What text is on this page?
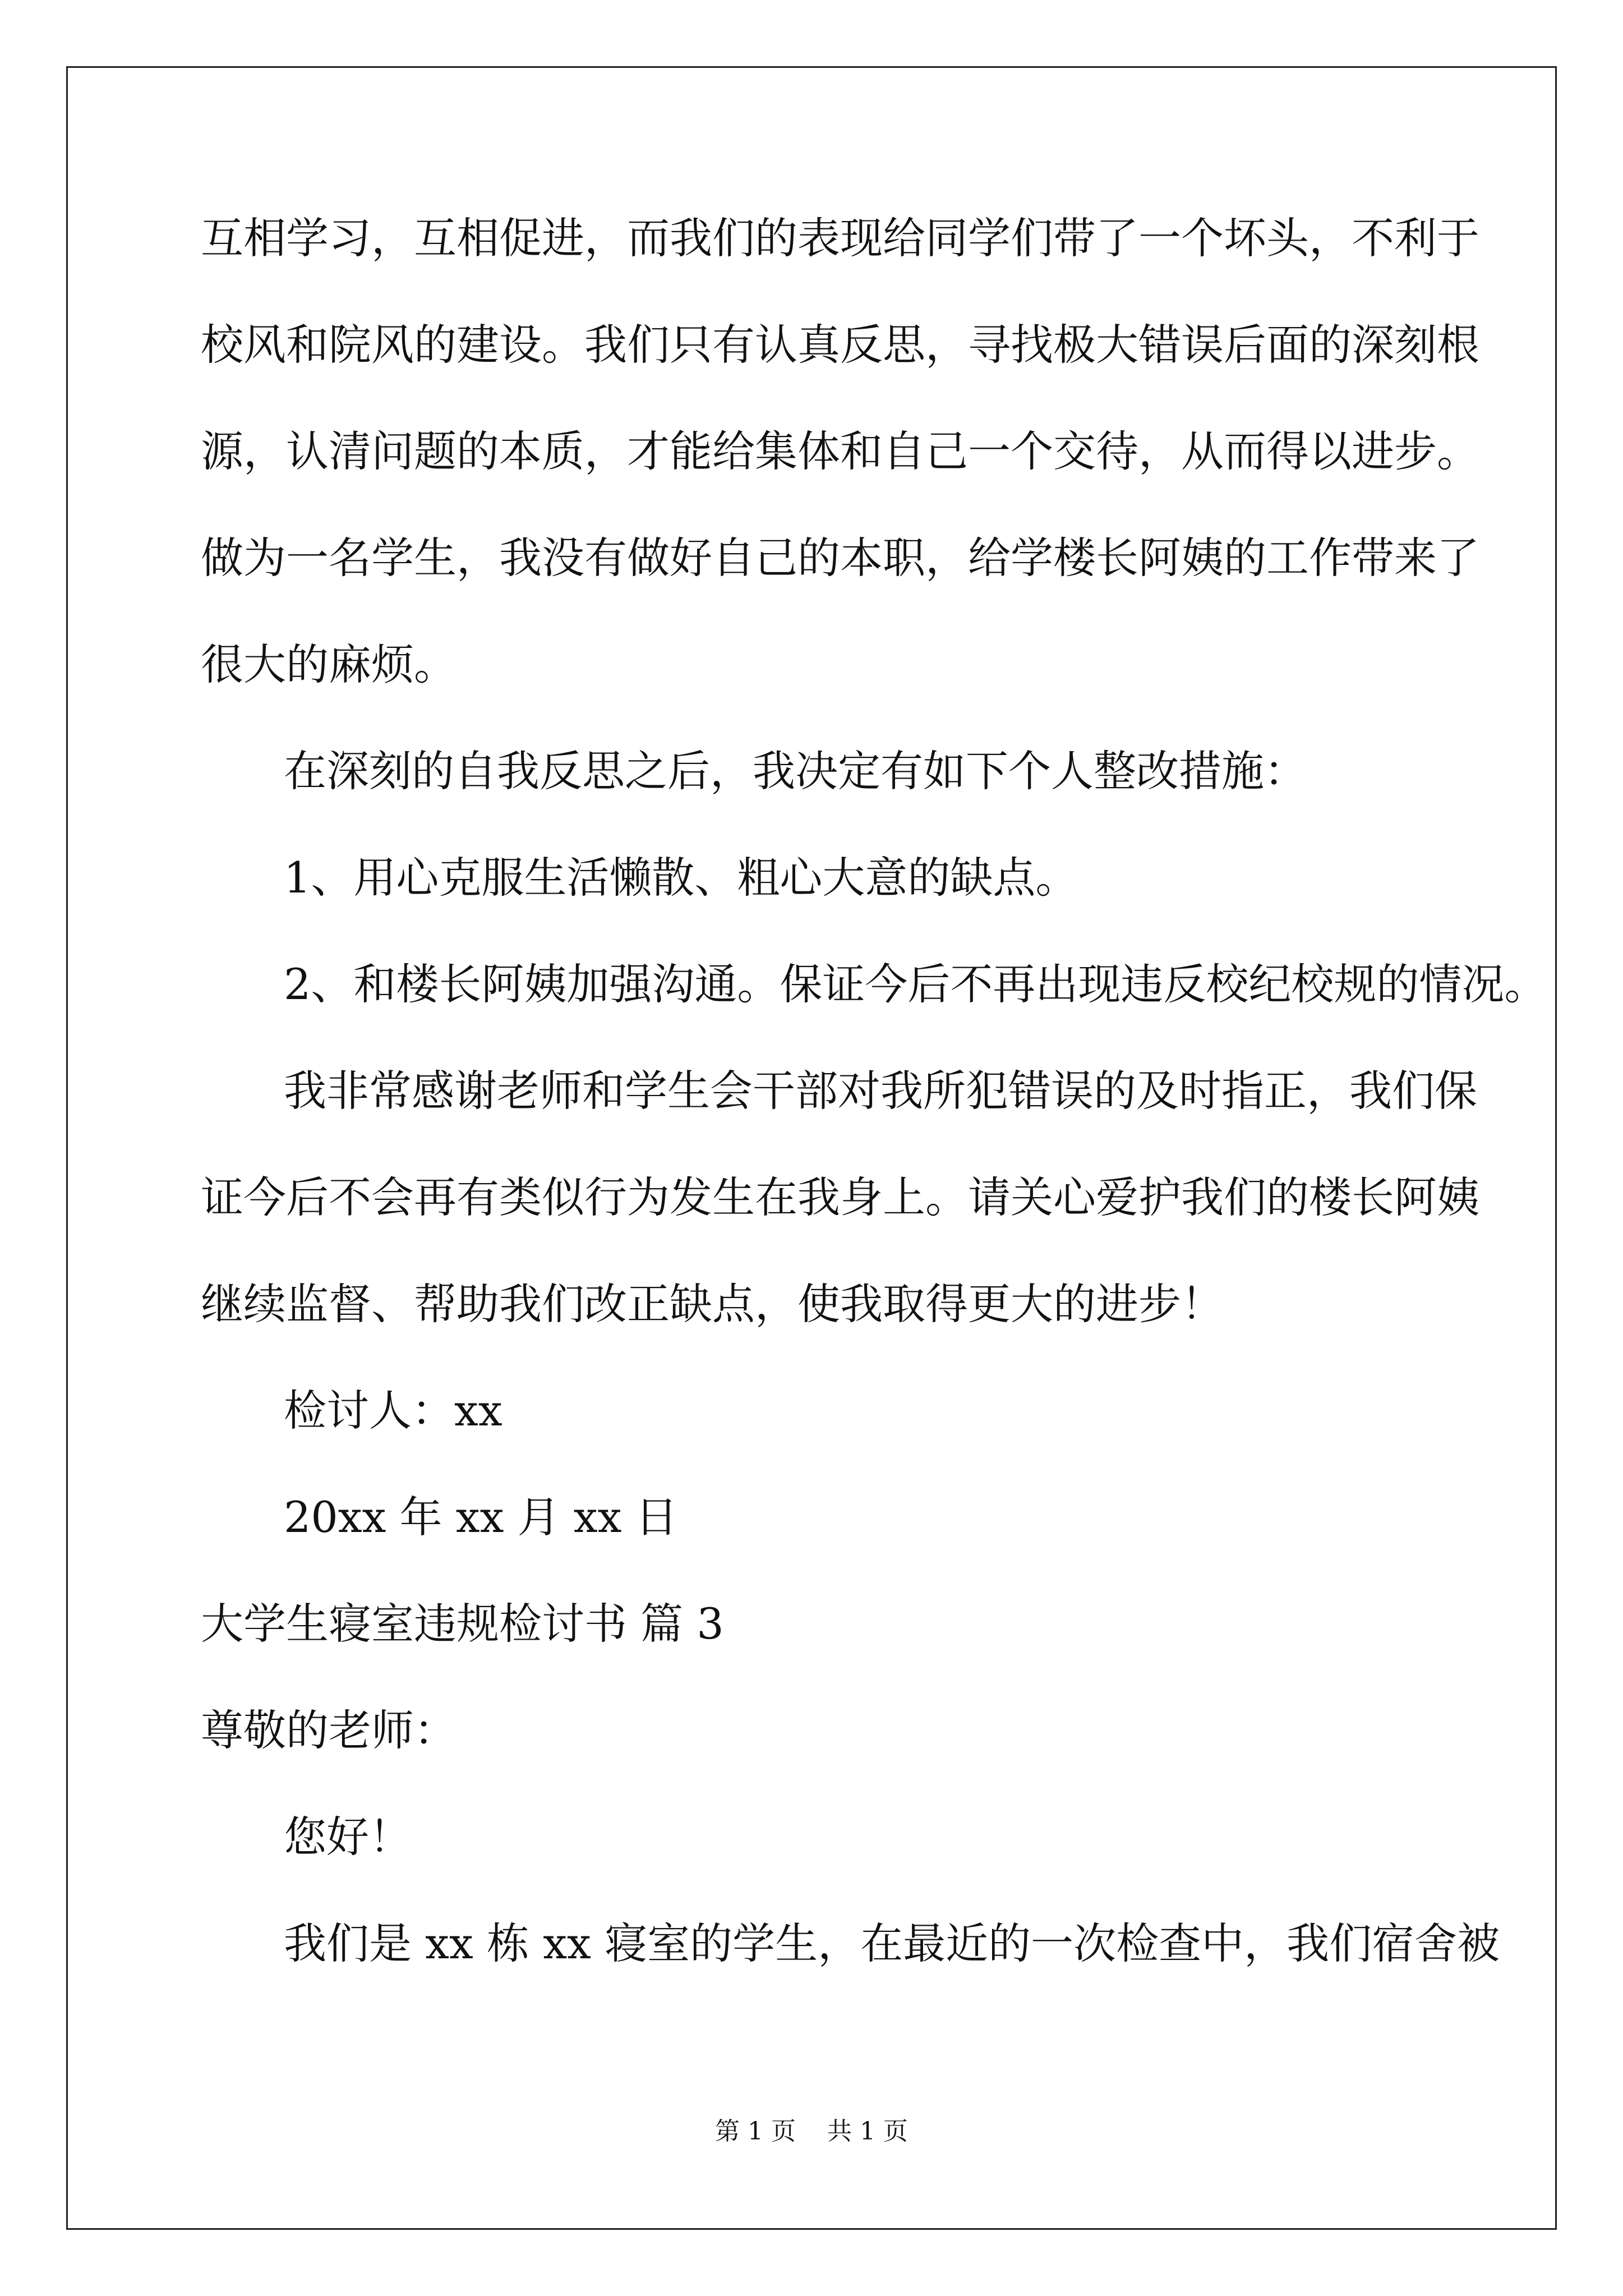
互相学习，互相促进，而我们的表现给同学们带了一个坏头，不利于
校风和院风的建设。我们只有认真反思，寻找极大错误后面的深刻根
源，认清问题的本质，才能给集体和自己一个交待，从而得以进步。
做为一名学生，我没有做好自己的本职，给学楼长阿姨的工作带来了
很大的麻烦。
在深刻的自我反思之后，我决定有如下个人整改措施：
1、用心克服生活懒散、粗心大意的缺点。
2、和楼长阿姨加强沟通。保证今后不再出现违反校纪校规的情况。
我非常感谢老师和学生会干部对我所犯错误的及时指正，我们保
证今后不会再有类似行为发生在我身上。请关心爱护我们的楼长阿姨
继续监督、帮助我们改正缺点，使我取得更大的进步！
检讨人：xx
20xx 年 xx 月 xx 日
大学生寝室违规检讨书 篇 3
尊敬的老师：
您好！
我们是 xx 栋 xx 寝室的学生，在最近的一次检查中，我们宿舍被
第 1 页    共 1 页
